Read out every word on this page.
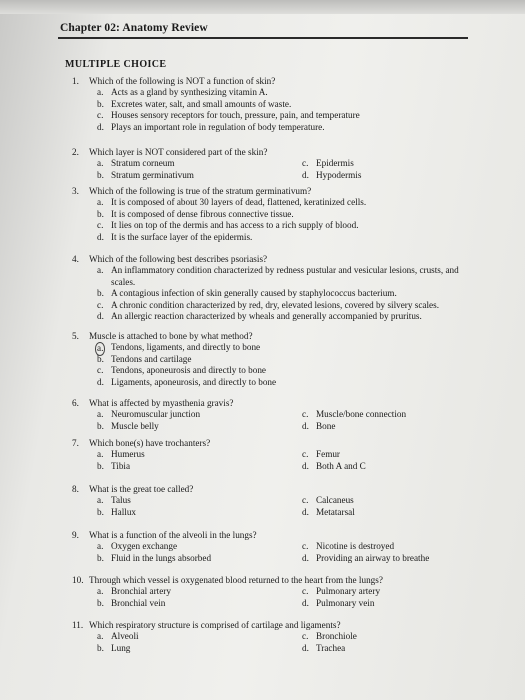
Chapter 02: Anatomy Review
MULTIPLE CHOICE
1. Which of the following is NOT a function of skin?
a. Acts as a gland by synthesizing vitamin A.
b. Excretes water, salt, and small amounts of waste.
c. Houses sensory receptors for touch, pressure, pain, and temperature
d. Plays an important role in regulation of body temperature.
2. Which layer is NOT considered part of the skin?
a. Stratum corneum	c. Epidermis
b. Stratum germinativum	d. Hypodermis
3. Which of the following is true of the stratum germinativum?
a. It is composed of about 30 layers of dead, flattened, keratinized cells.
b. It is composed of dense fibrous connective tissue.
c. It lies on top of the dermis and has access to a rich supply of blood.
d. It is the surface layer of the epidermis.
4. Which of the following best describes psoriasis?
a. An inflammatory condition characterized by redness pustular and vesicular lesions, crusts, and scales.
b. A contagious infection of skin generally caused by staphylococcus bacterium.
c. A chronic condition characterized by red, dry, elevated lesions, covered by silvery scales.
d. An allergic reaction characterized by wheals and generally accompanied by pruritus.
5. Muscle is attached to bone by what method?
a. Tendons, ligaments, and directly to bone
b. Tendons and cartilage
c. Tendons, aponeurosis and directly to bone
d. Ligaments, aponeurosis, and directly to bone
6. What is affected by myasthenia gravis?
a. Neuromuscular junction	c. Muscle/bone connection
b. Muscle belly	d. Bone
7. Which bone(s) have trochanters?
a. Humerus	c. Femur
b. Tibia	d. Both A and C
8. What is the great toe called?
a. Talus	c. Calcaneus
b. Hallux	d. Metatarsal
9. What is a function of the alveoli in the lungs?
a. Oxygen exchange	c. Nicotine is destroyed
b. Fluid in the lungs absorbed	d. Providing an airway to breathe
10. Through which vessel is oxygenated blood returned to the heart from the lungs?
a. Bronchial artery	c. Pulmonary artery
b. Bronchial vein	d. Pulmonary vein
11. Which respiratory structure is comprised of cartilage and ligaments?
a. Alveoli	c. Bronchiole
b. Lung	d. Trachea
